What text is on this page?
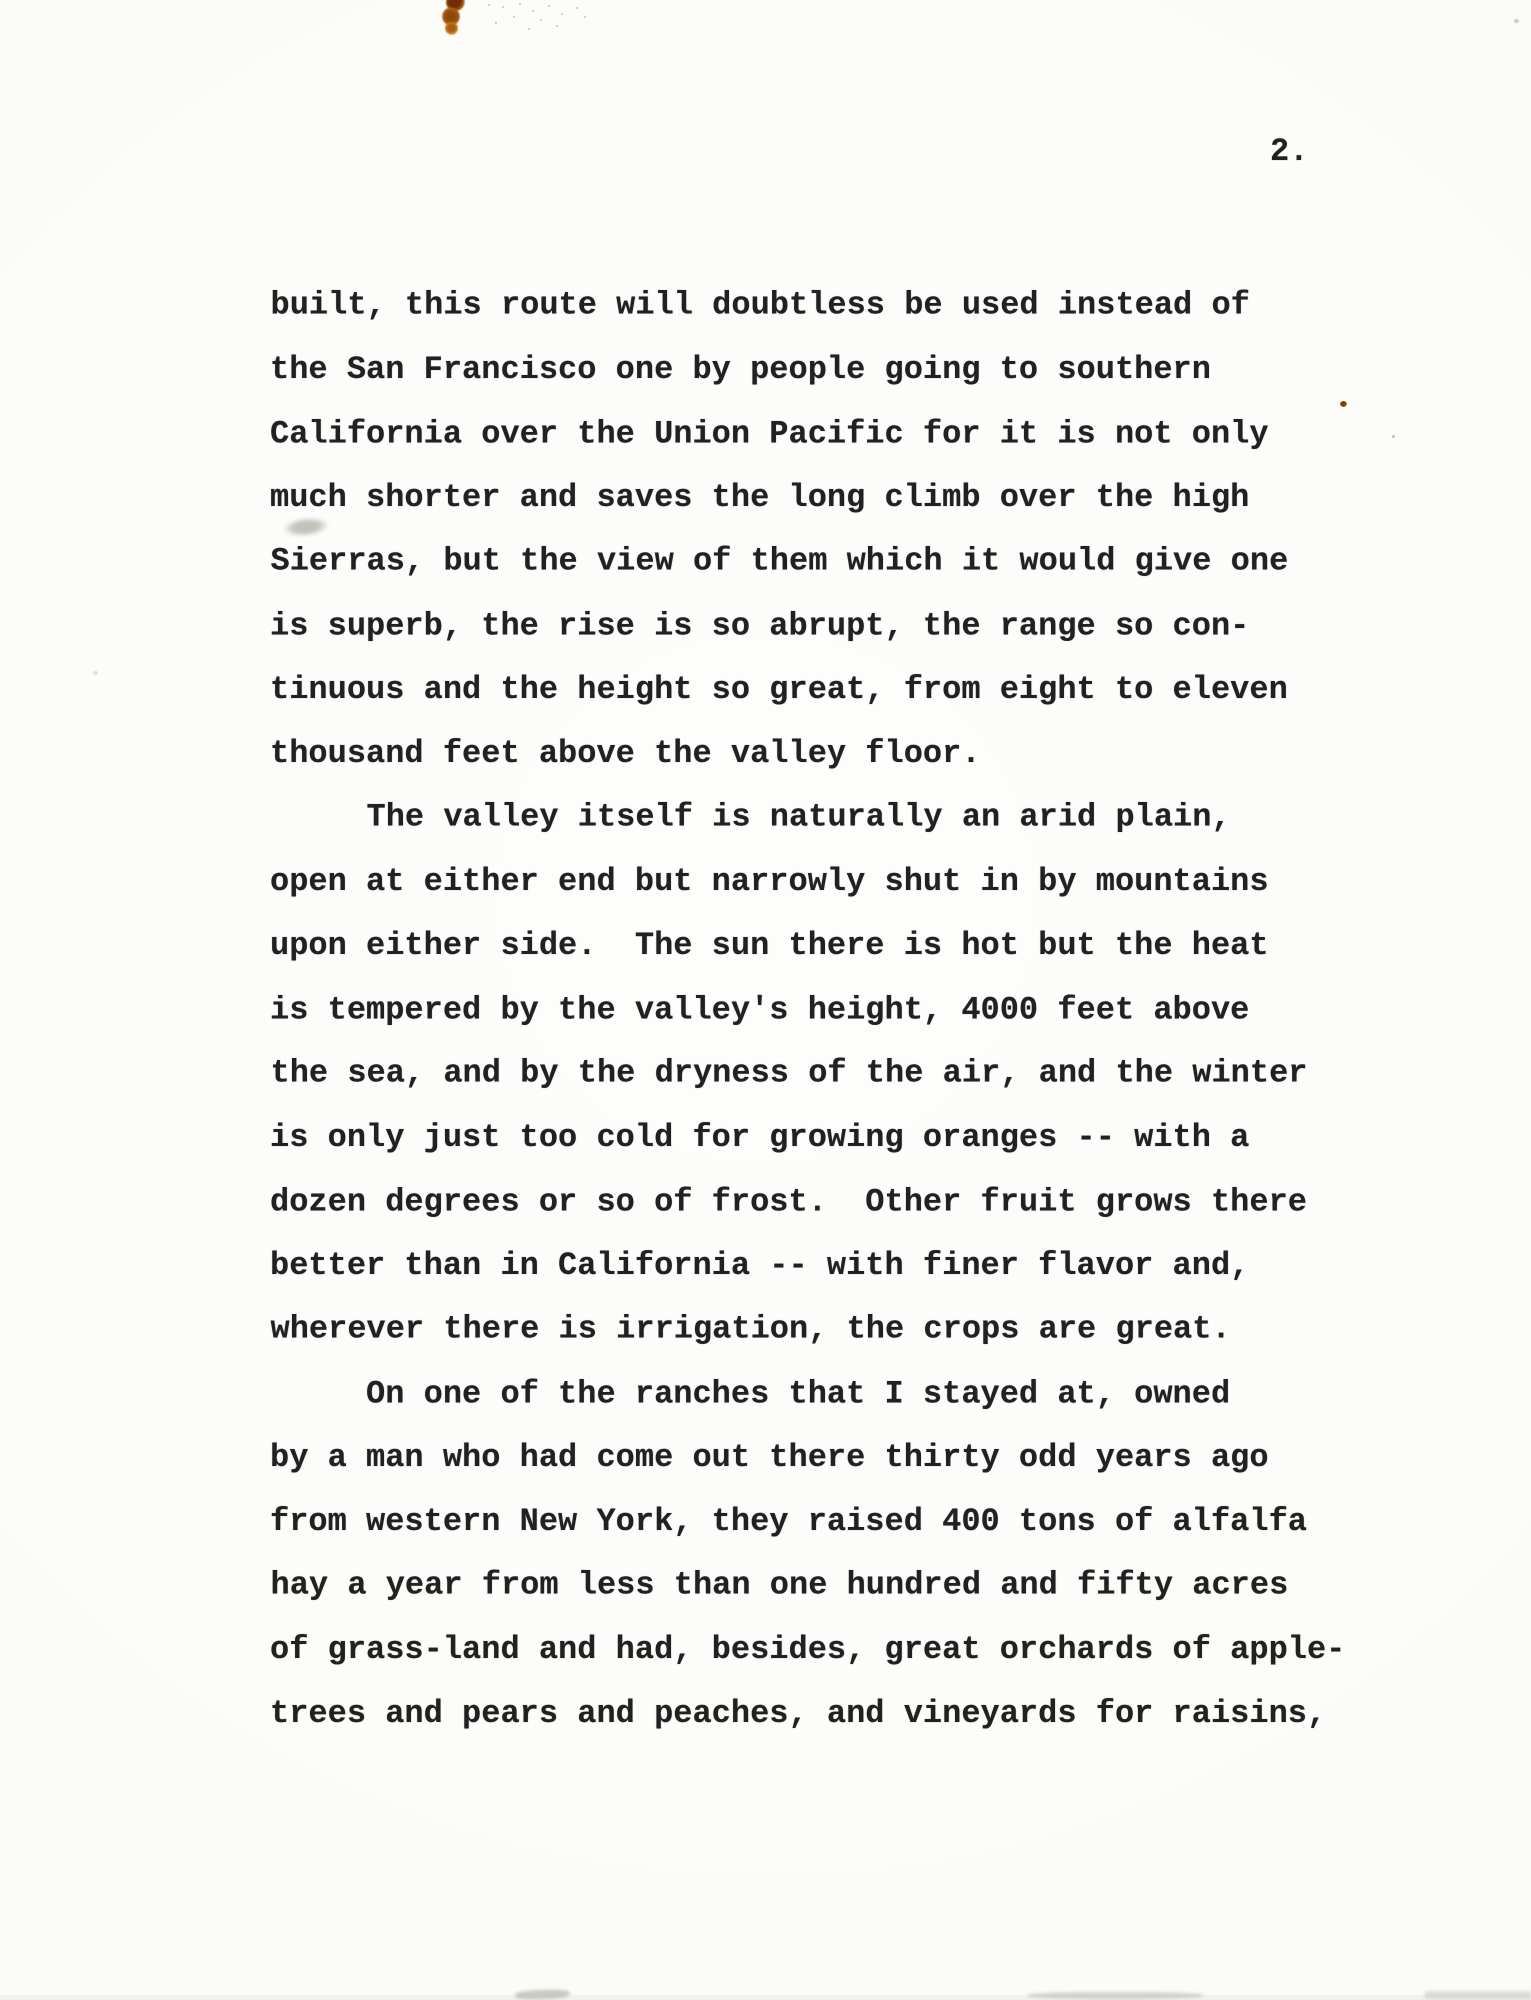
2.
built, this route will doubtless be used instead of
the San Francisco one by people going to southern
California over the Union Pacific for it is not only
much shorter and saves the long climb over the high
Sierras, but the view of them which it would give one
is superb, the rise is so abrupt, the range so con-
tinuous and the height so great, from eight to eleven
thousand feet above the valley floor.
The valley itself is naturally an arid plain,
open at either end but narrowly shut in by mountains
upon either side.  The sun there is hot but the heat
is tempered by the valley's height, 4000 feet above
the sea, and by the dryness of the air, and the winter
is only just too cold for growing oranges -- with a
dozen degrees or so of frost.  Other fruit grows there
better than in California -- with finer flavor and,
wherever there is irrigation, the crops are great.
On one of the ranches that I stayed at, owned
by a man who had come out there thirty odd years ago
from western New York, they raised 400 tons of alfalfa
hay a year from less than one hundred and fifty acres
of grass-land and had, besides, great orchards of apple-
trees and pears and peaches, and vineyards for raisins,
